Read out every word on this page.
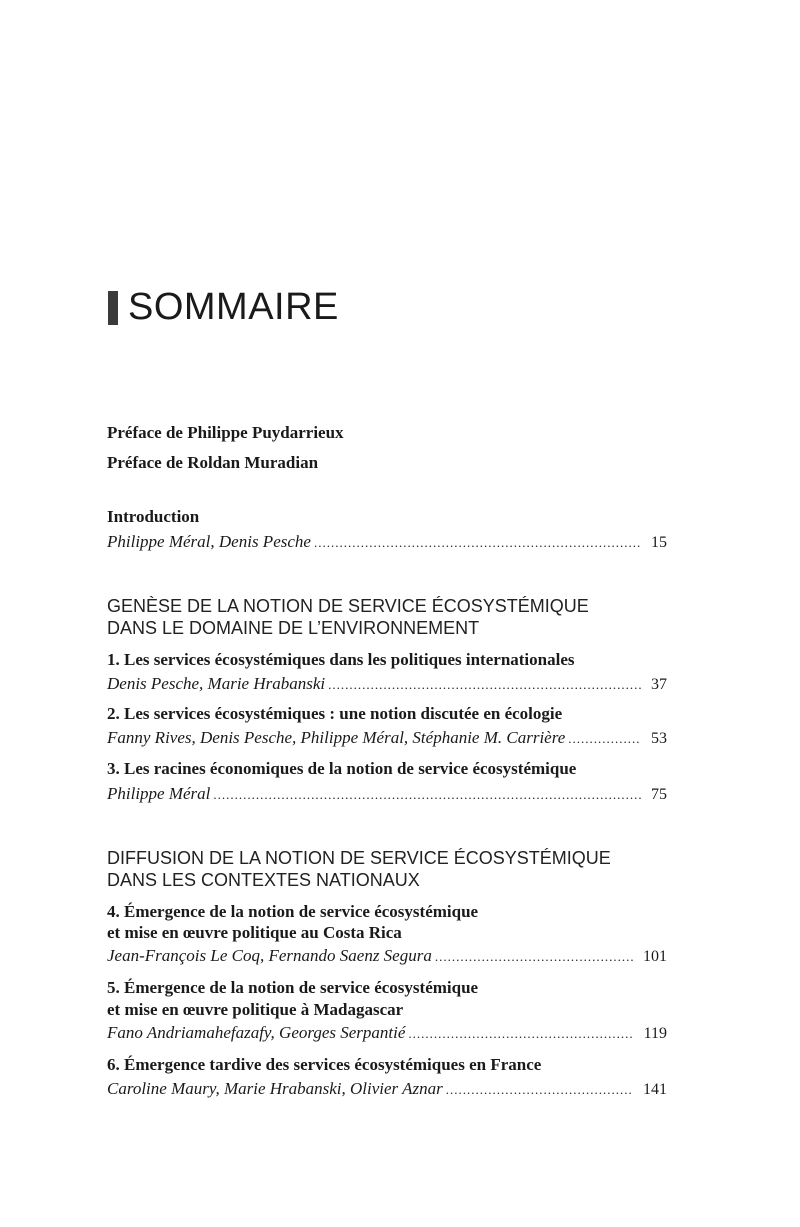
SOMMAIRE
Préface de Philippe Puydarrieux
Préface de Roldan Muradian
Introduction
Philippe Méral, Denis Pesche .....	15
GENÈSE DE LA NOTION DE SERVICE ÉCOSYSTÉMIQUE
DANS LE DOMAINE DE L’ENVIRONNEMENT
1. Les services écosystémiques dans les politiques internationales
Denis Pesche, Marie Hrabanski .....	37
2. Les services écosystémiques : une notion discutée en écologie
Fanny Rives, Denis Pesche, Philippe Méral, Stéphanie M. Carrière .....	53
3. Les racines économiques de la notion de service écosystémique
Philippe Méral .....	75
DIFFUSION DE LA NOTION DE SERVICE ÉCOSYSTÉMIQUE
DANS LES CONTEXTES NATIONAUX
4. Émergence de la notion de service écosystémique
et mise en œuvre politique au Costa Rica
Jean-François Le Coq, Fernando Saenz Segura .....	101
5. Émergence de la notion de service écosystémique
et mise en œuvre politique à Madagascar
Fano Andriamahefazafy, Georges Serpantié .....	119
6. Émergence tardive des services écosystémiques en France
Caroline Maury, Marie Hrabanski, Olivier Aznar .....	141
